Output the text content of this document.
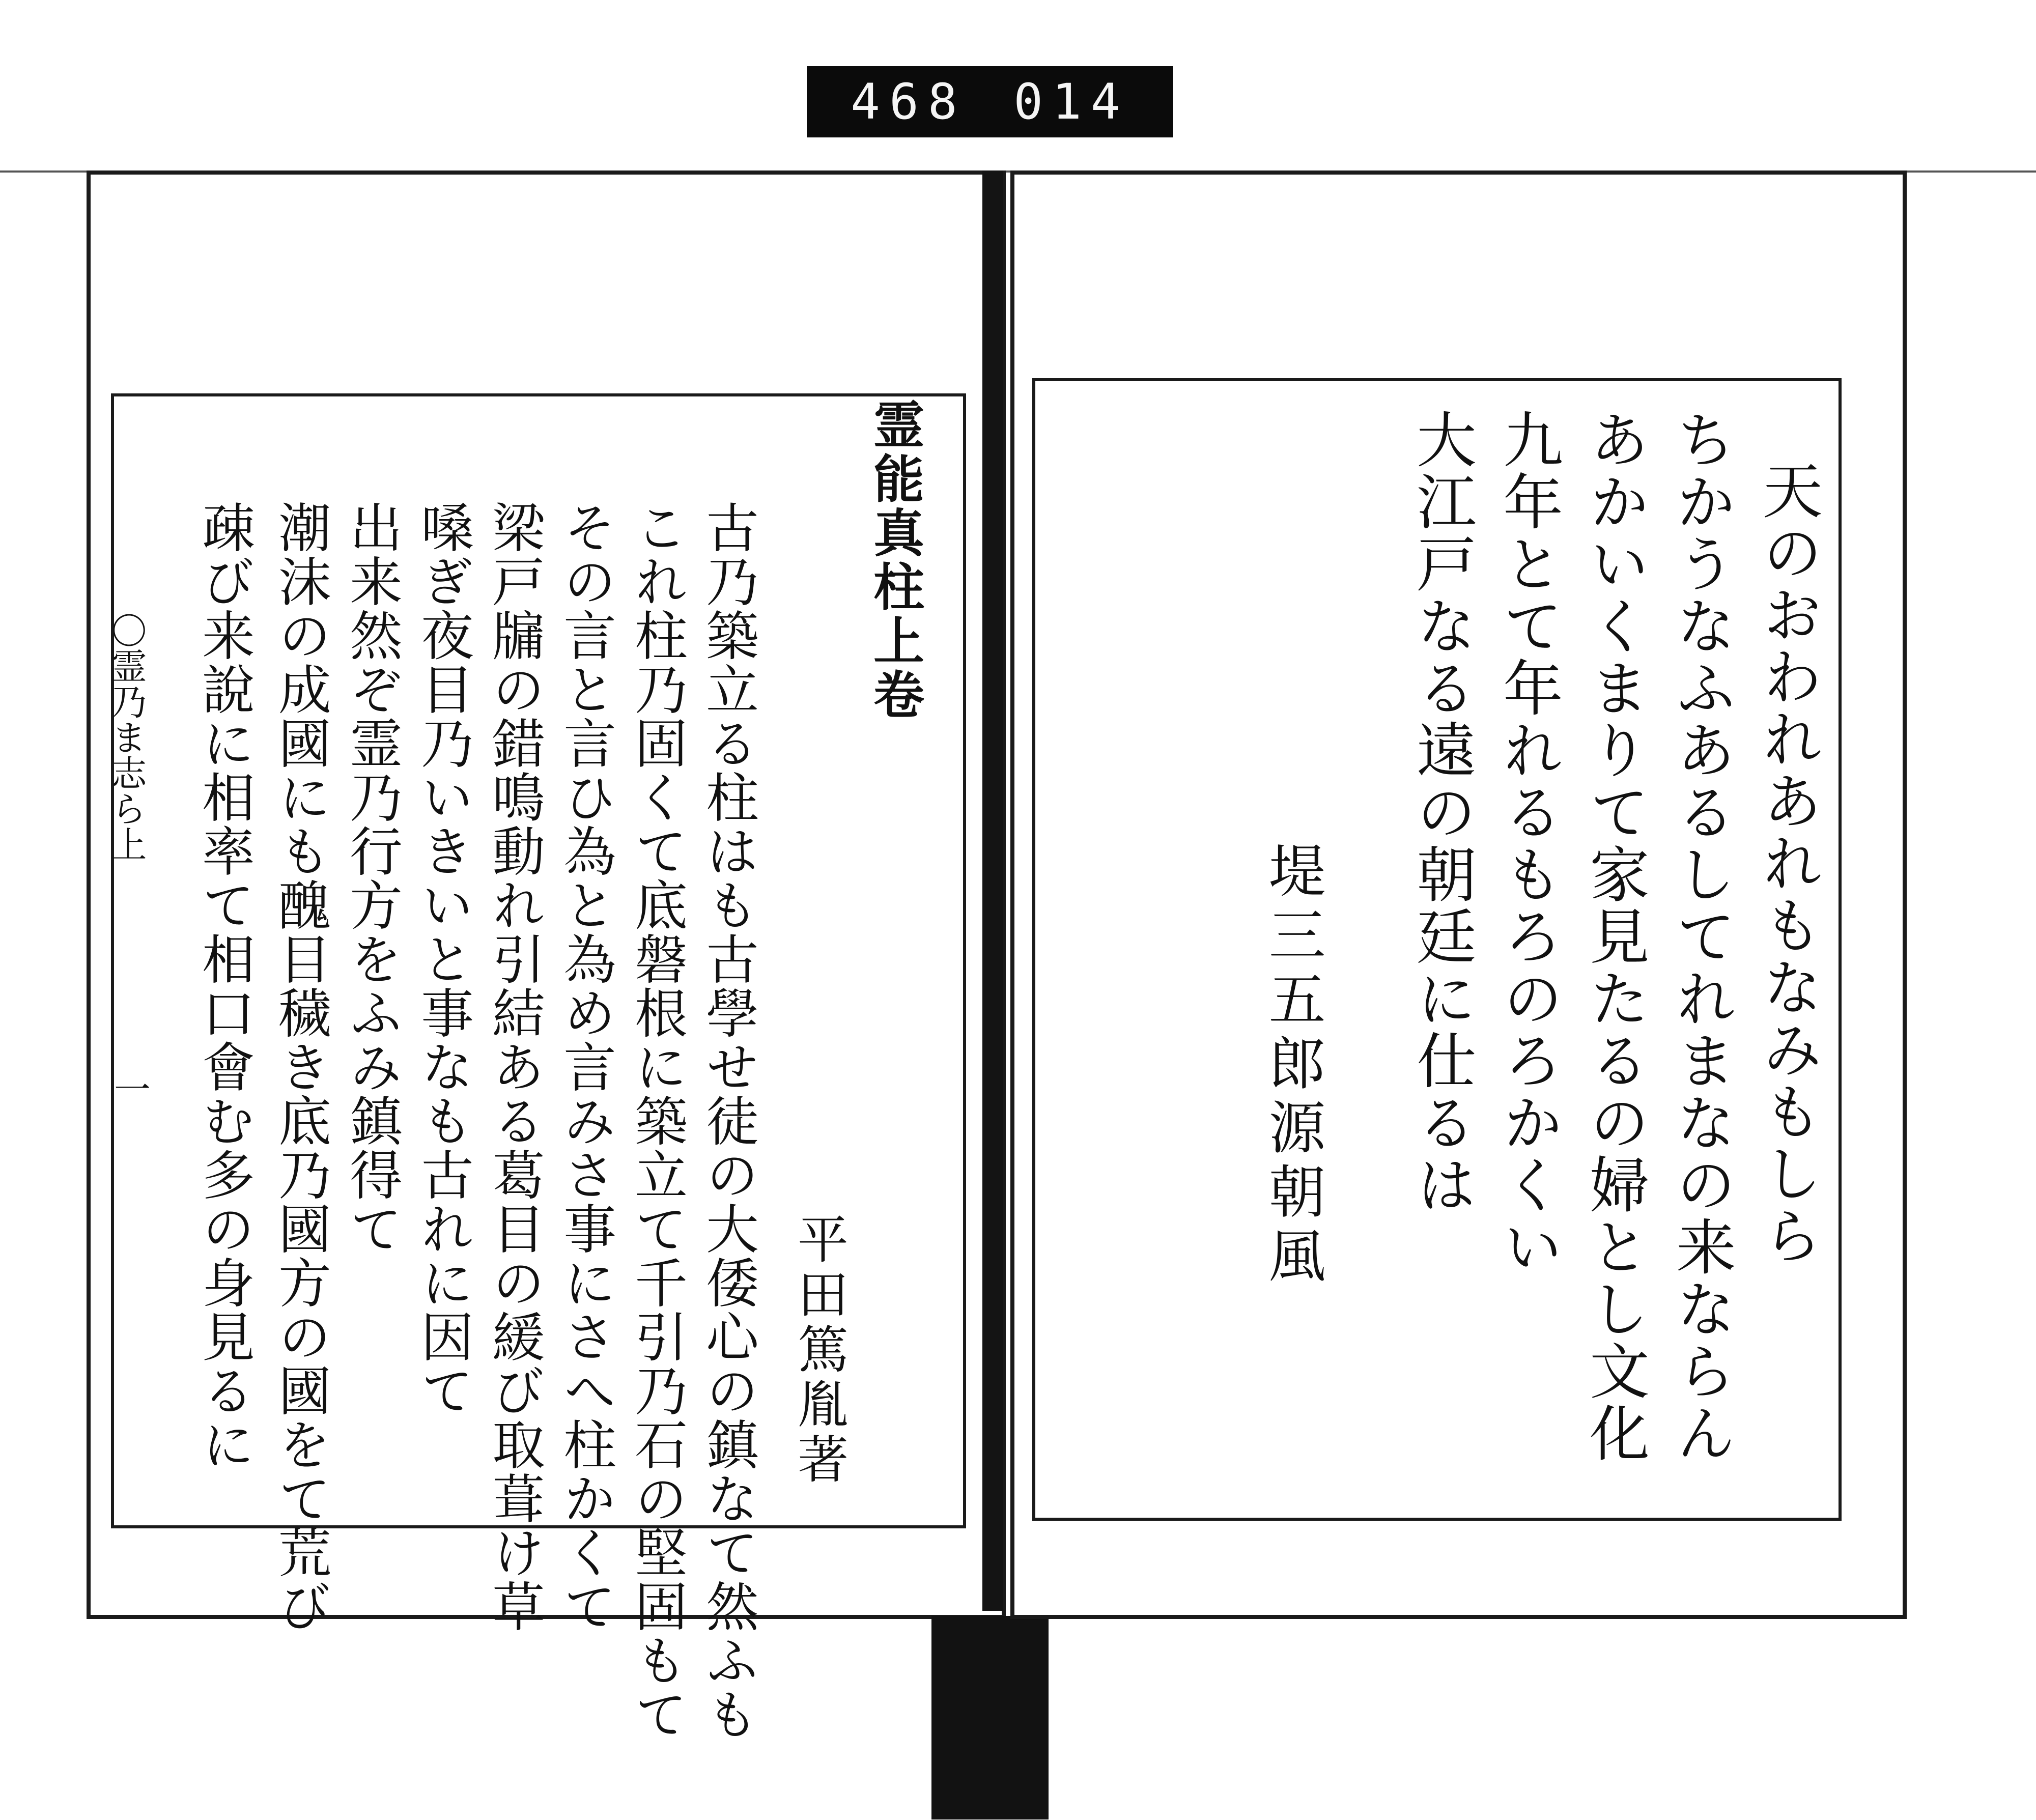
468 014
霊能真柱上卷
平田篤胤著
古乃築立る柱はも古學せ徒の大倭心の鎮なて然ふも
これ柱乃固くて底磐根に築立て千引乃石の堅固もて
その言と言ひ為と為め言みさ事にさへ柱かくて
梁戸牖の錯鳴動れ引結ある葛目の緩び取葺け草
嗓ぎ夜目乃いきいと事なも古れに因て
出来然ぞ霊乃行方をふみ鎮得て
潮沫の成國にも醜目穢き底乃國方の國をて荒び
疎び来說に相率て相口會む多の身見るに
〇霊乃ま志ら上
一	天のおわれあれもなみもしら
ちかうなふあるしてれまなの来ならん
あかいくまりて家見たるの婦とし文化
九年とて年れるもろのろかくい
大江戸なる遠の朝廷に仕るは
堤三五郎源朝風
